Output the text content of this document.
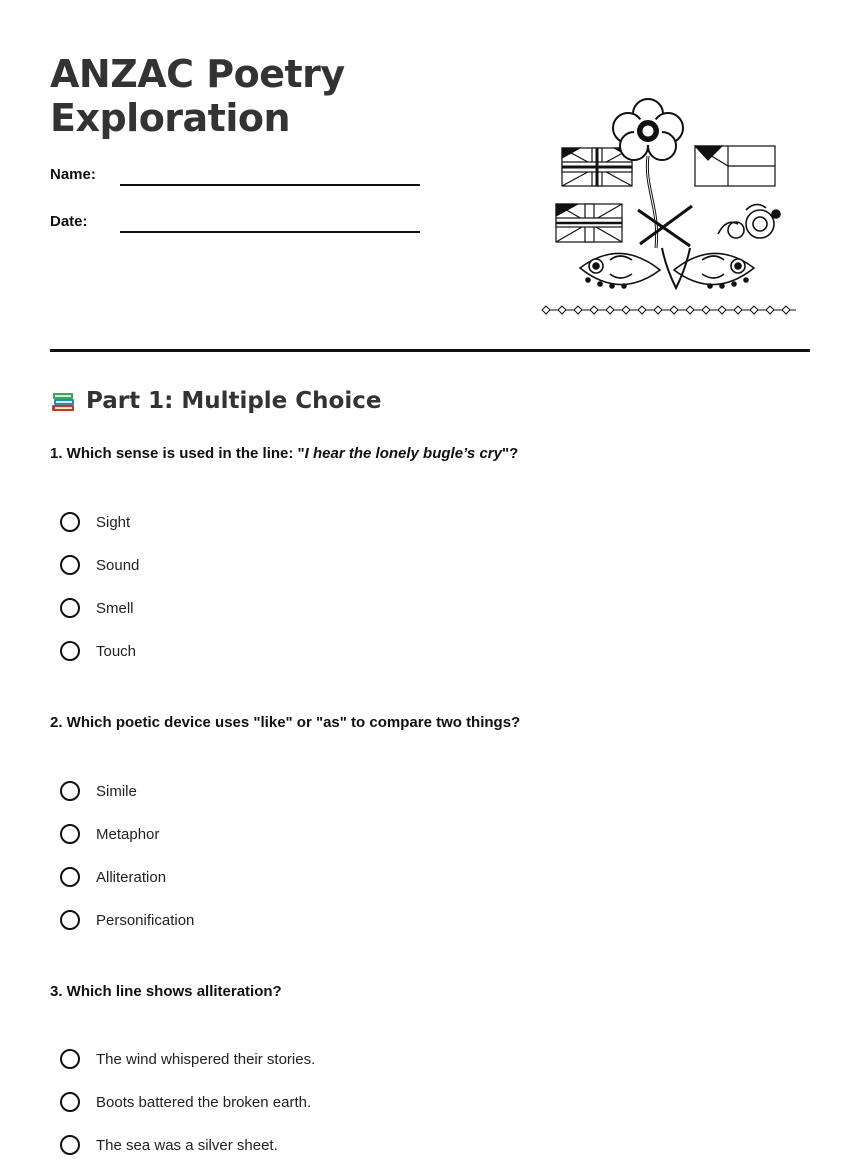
ANZAC Poetry
Exploration
Name:
Date:
Part 1: Multiple Choice
1. Which sense is used in the line: "I hear the lonely bugle’s cry"?
Sight
Sound
Smell
Touch
2. Which poetic device uses "like" or "as" to compare two things?
Simile
Metaphor
Alliteration
Personification
3. Which line shows alliteration?
The wind whispered their stories.
Boots battered the broken earth.
The sea was a silver sheet.
